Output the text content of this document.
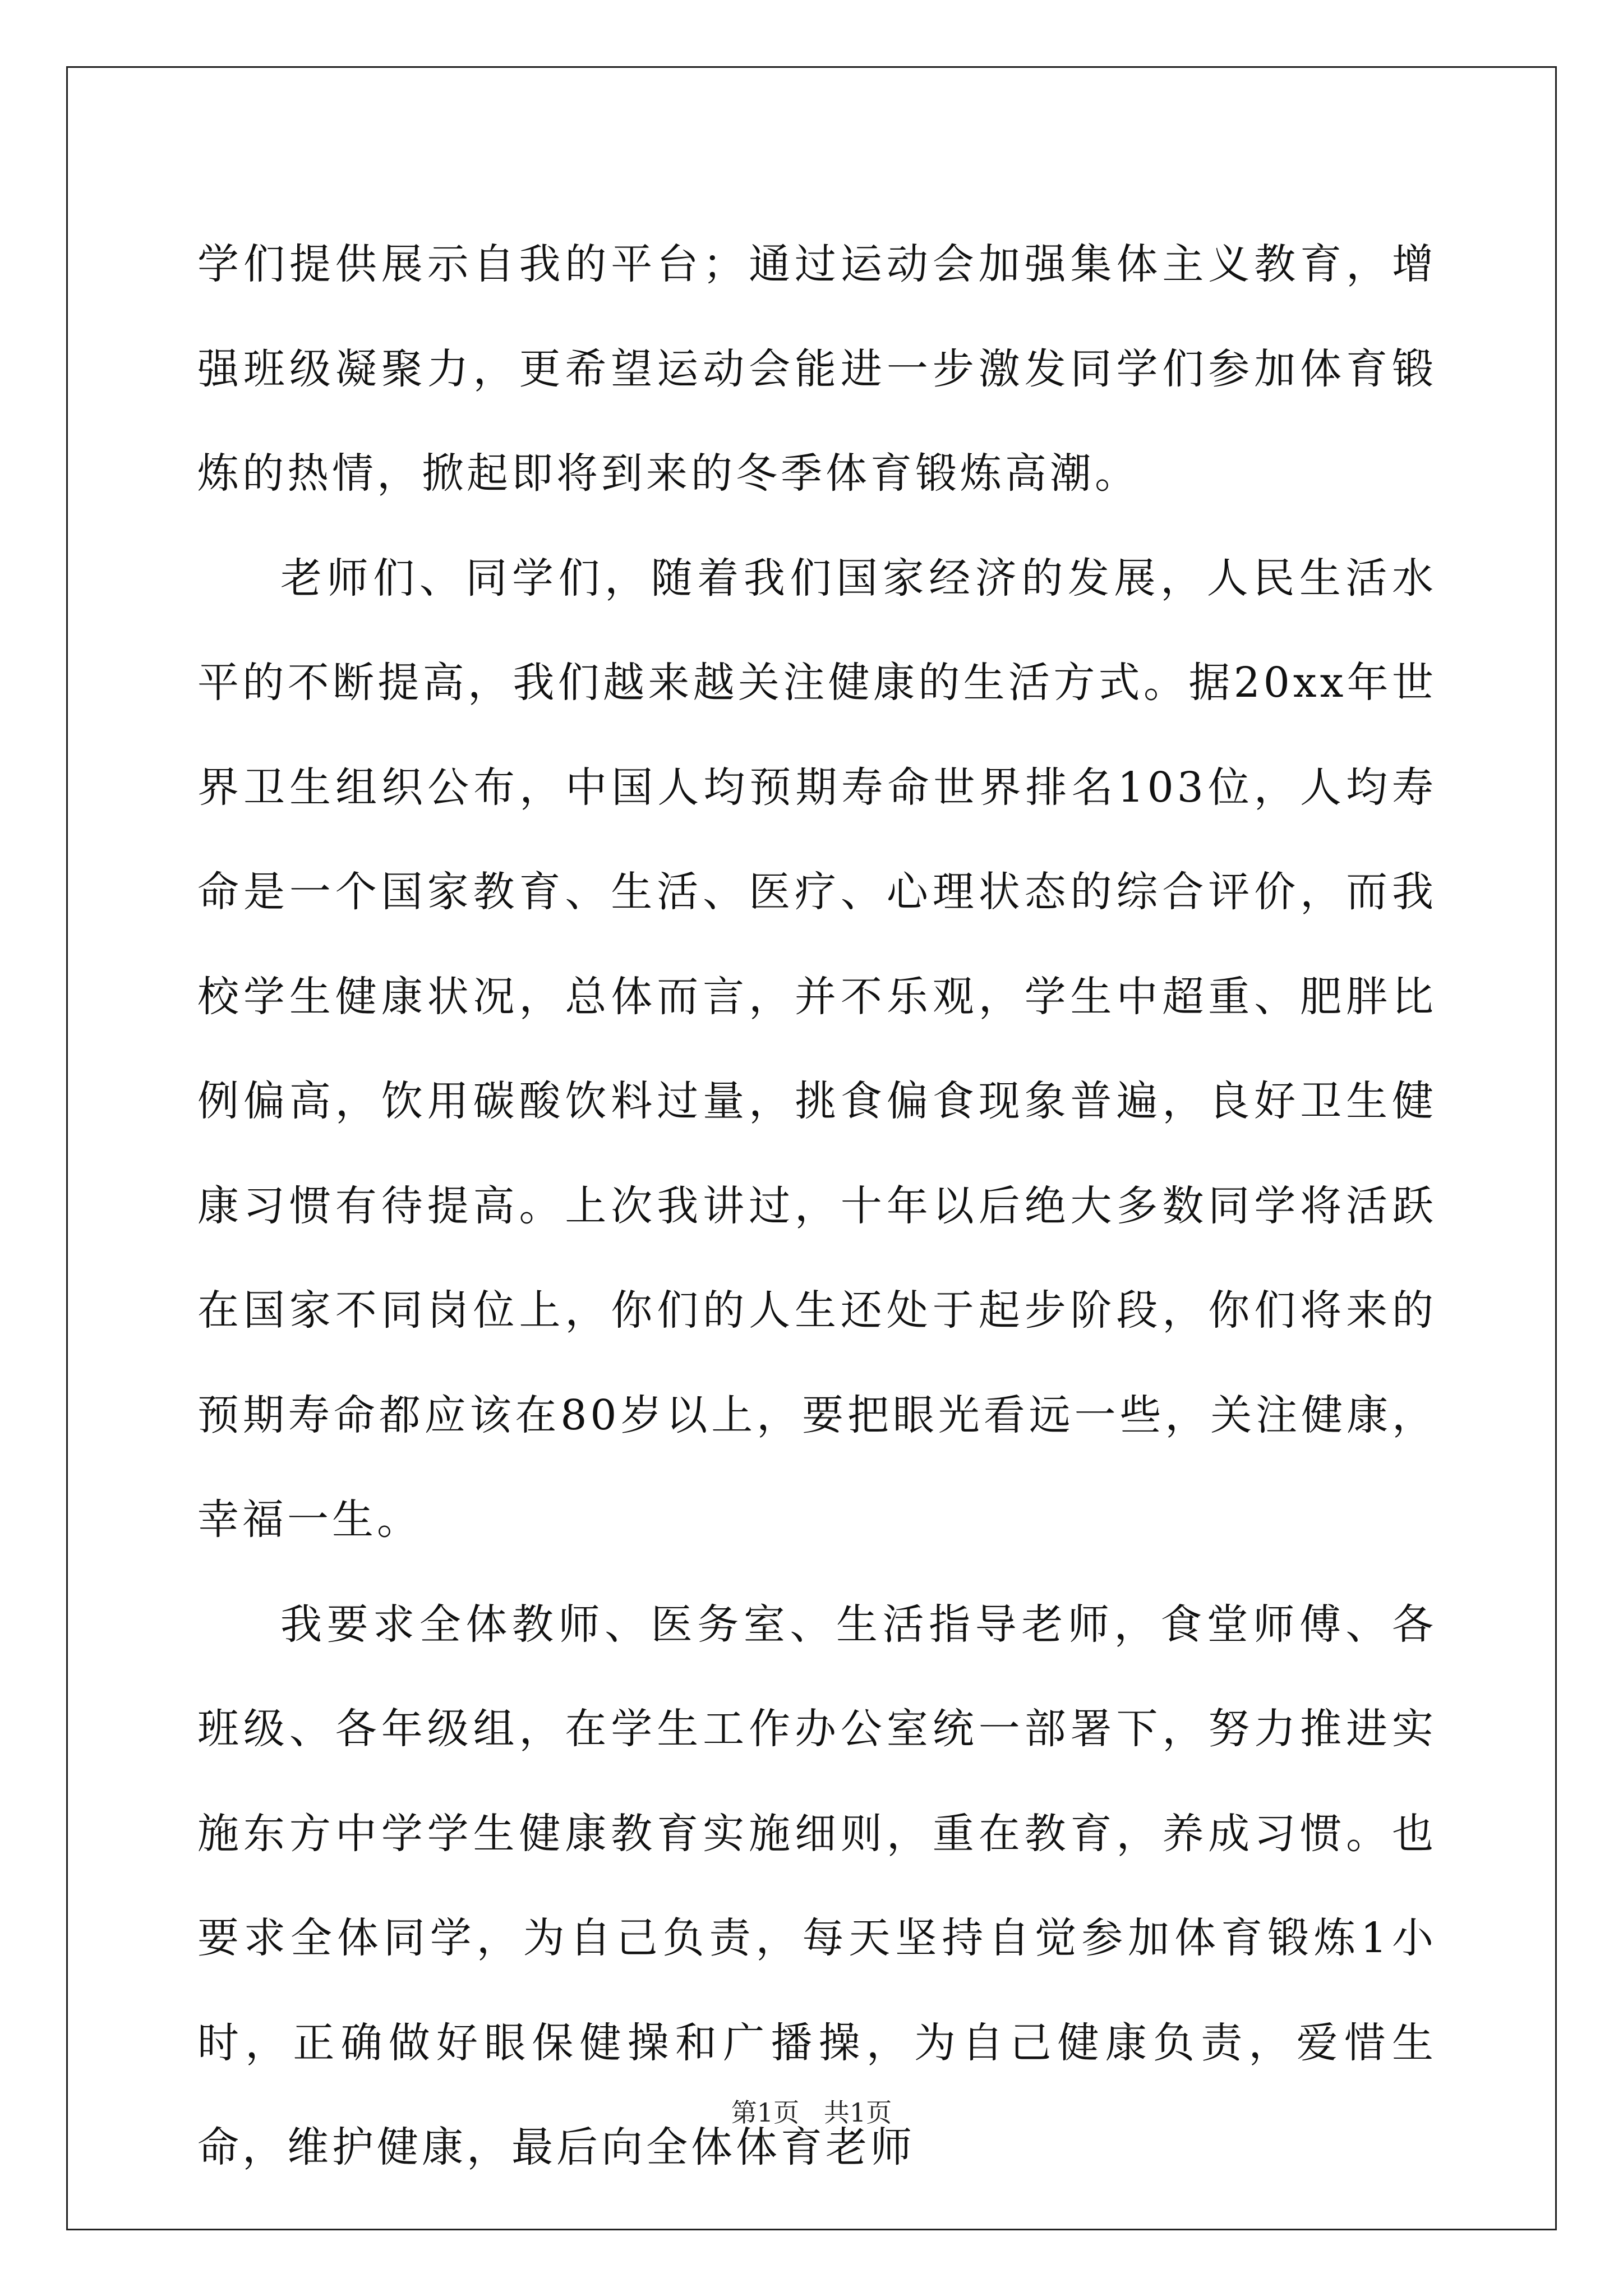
学们提供展示自我的平台；通过运动会加强集体主义教育，增强班级凝聚力，更希望运动会能进一步激发同学们参加体育锻炼的热情，掀起即将到来的冬季体育锻炼高潮。

老师们、同学们，随着我们国家经济的发展，人民生活水平的不断提高，我们越来越关注健康的生活方式。据20xx年世界卫生组织公布，中国人均预期寿命世界排名103位，人均寿命是一个国家教育、生活、医疗、心理状态的综合评价，而我校学生健康状况，总体而言，并不乐观，学生中超重、肥胖比例偏高，饮用碳酸饮料过量，挑食偏食现象普遍，良好卫生健康习惯有待提高。上次我讲过，十年以后绝大多数同学将活跃在国家不同岗位上，你们的人生还处于起步阶段，你们将来的预期寿命都应该在80岁以上，要把眼光看远一些，关注健康，幸福一生。

我要求全体教师、医务室、生活指导老师，食堂师傅、各班级、各年级组，在学生工作办公室统一部署下，努力推进实施东方中学学生健康教育实施细则，重在教育，养成习惯。也要求全体同学，为自己负责，每天坚持自觉参加体育锻炼1小时，正确做好眼保健操和广播操，为自己健康负责，爱惜生命，维护健康，最后向全体体育老师

第1页   共1页
